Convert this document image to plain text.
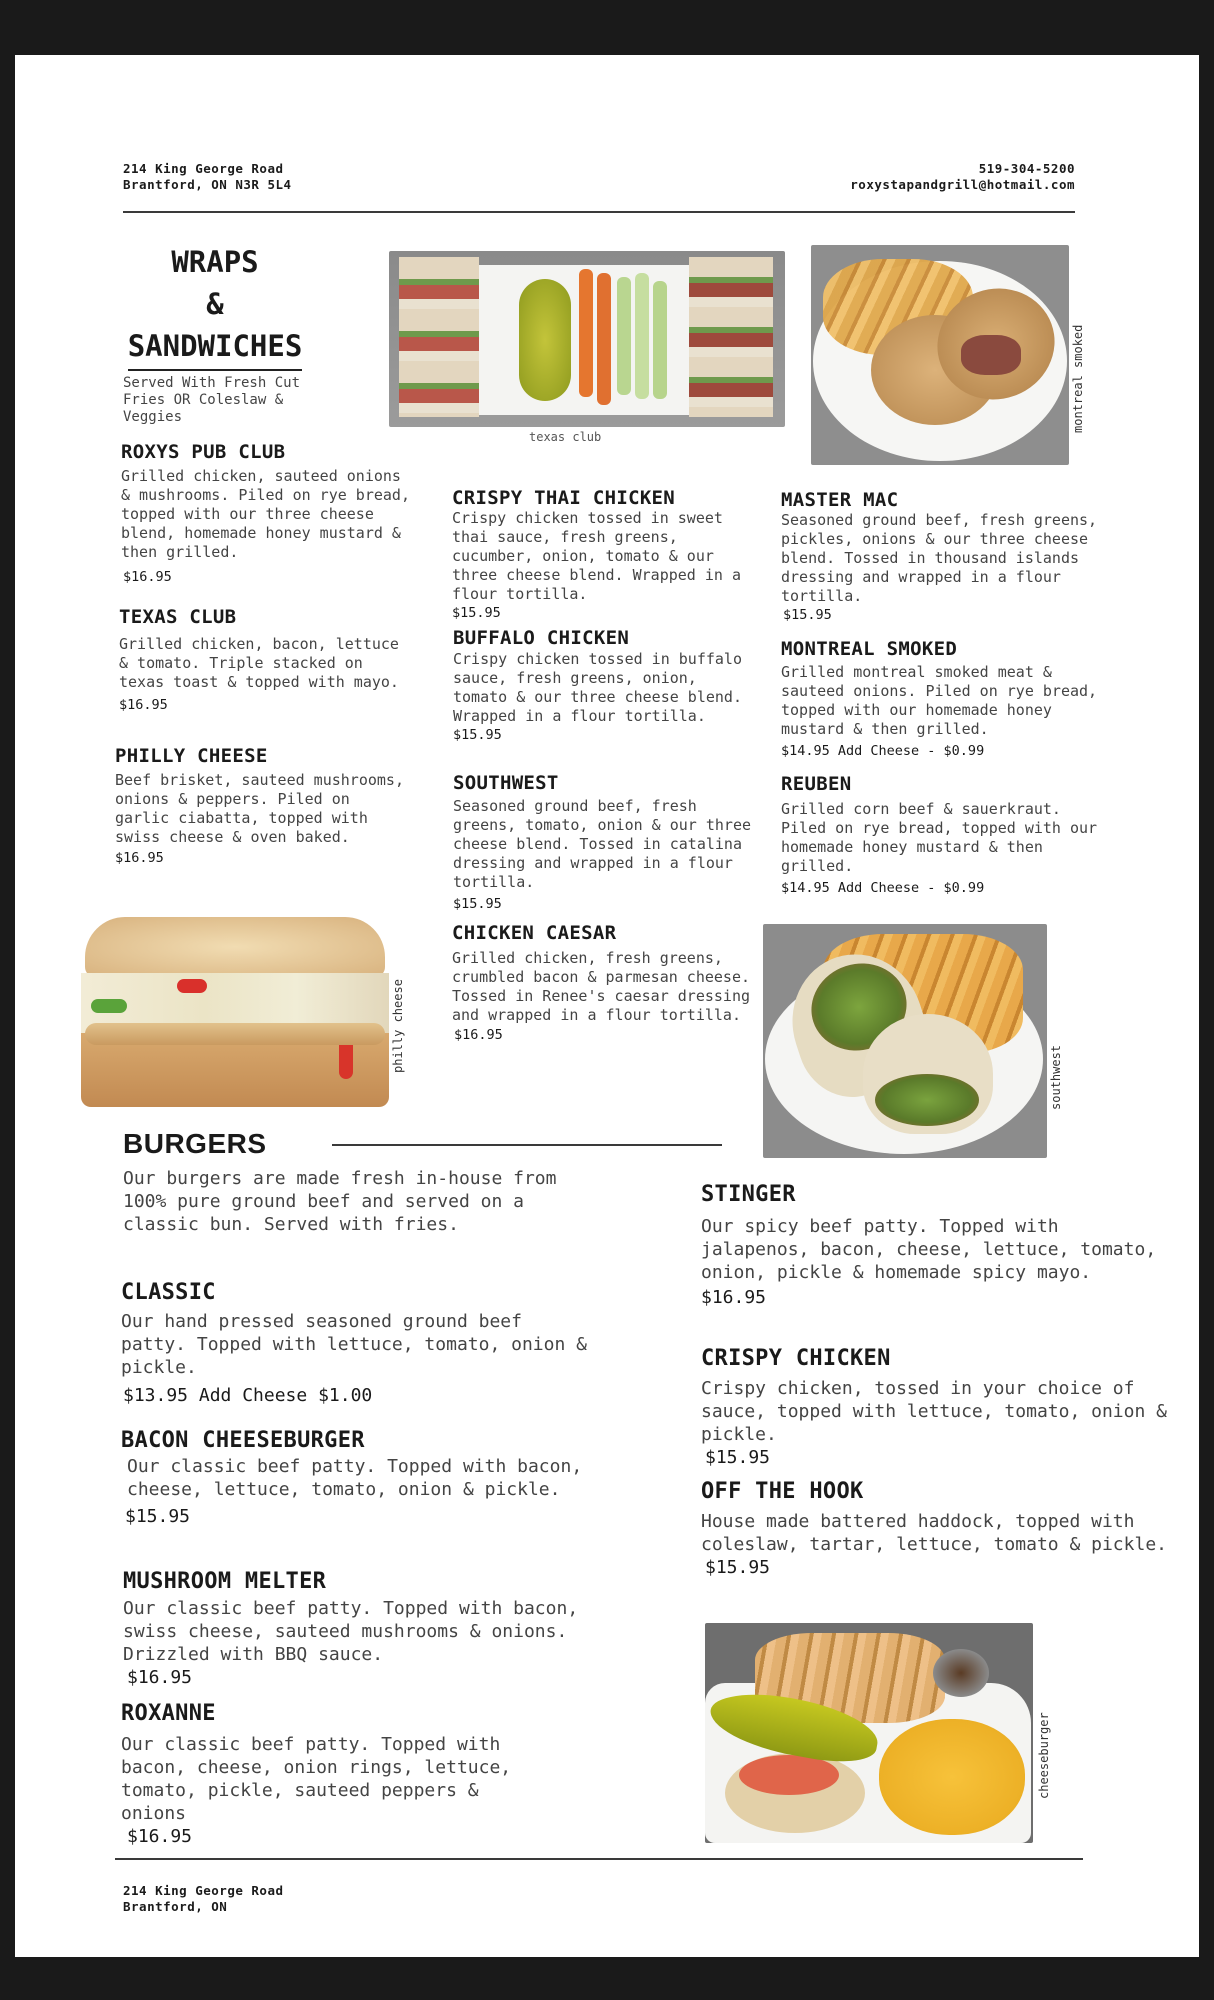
214 King George Road
Brantford, ON N3R 5L4
519-304-5200
roxystapandgrill@hotmail.com
WRAPS
&
SANDWICHES
Served With Fresh Cut Fries OR Coleslaw & Veggies
texas club
montreal smoked
ROXYS PUB CLUB
Grilled chicken, sauteed onions & mushrooms. Piled on rye bread, topped with our three cheese blend, homemade honey mustard & then grilled.
$16.95
TEXAS CLUB
Grilled chicken, bacon, lettuce & tomato. Triple stacked on texas toast & topped with mayo.
$16.95
PHILLY CHEESE
Beef brisket, sauteed mushrooms, onions & peppers. Piled on garlic ciabatta, topped with swiss cheese & oven baked.
$16.95
philly cheese
CRISPY THAI CHICKEN
Crispy chicken tossed in sweet thai sauce, fresh greens, cucumber, onion, tomato & our three cheese blend. Wrapped in a flour tortilla.
$15.95
BUFFALO CHICKEN
Crispy chicken tossed in buffalo sauce, fresh greens, onion, tomato & our three cheese blend. Wrapped in a flour tortilla.
$15.95
SOUTHWEST
Seasoned ground beef, fresh greens, tomato, onion & our three cheese blend. Tossed in catalina dressing and wrapped in a flour tortilla.
$15.95
CHICKEN CAESAR
Grilled chicken, fresh greens, crumbled bacon & parmesan cheese. Tossed in Renee's caesar dressing and wrapped in a flour tortilla.
$16.95
MASTER MAC
Seasoned ground beef, fresh greens, pickles, onions & our three cheese blend. Tossed in thousand islands dressing and wrapped in a flour tortilla.
$15.95
MONTREAL SMOKED
Grilled montreal smoked meat & sauteed onions. Piled on rye bread, topped with our homemade honey mustard & then grilled.
$14.95 Add Cheese - $0.99
REUBEN
Grilled corn beef & sauerkraut. Piled on rye bread, topped with our homemade honey mustard & then grilled.
$14.95 Add Cheese - $0.99
southwest
BURGERS
Our burgers are made fresh in-house from 100% pure ground beef and served on a classic bun. Served with fries.
CLASSIC
Our hand pressed seasoned ground beef patty. Topped with lettuce, tomato, onion & pickle.
$13.95 Add Cheese $1.00
BACON CHEESEBURGER
Our classic beef patty. Topped with bacon, cheese, lettuce, tomato, onion & pickle.
$15.95
MUSHROOM MELTER
Our classic beef patty. Topped with bacon, swiss cheese, sauteed mushrooms & onions. Drizzled with BBQ sauce.
$16.95
ROXANNE
Our classic beef patty. Topped with bacon, cheese, onion rings, lettuce, tomato, pickle, sauteed peppers & onions
$16.95
STINGER
Our spicy beef patty. Topped with jalapenos, bacon, cheese, lettuce, tomato, onion, pickle & homemade spicy mayo.
$16.95
CRISPY CHICKEN
Crispy chicken, tossed in your choice of sauce, topped with lettuce, tomato, onion & pickle.
$15.95
OFF THE HOOK
House made battered haddock, topped with coleslaw, tartar, lettuce, tomato & pickle.
$15.95
cheeseburger
214 King George Road
Brantford, ON
